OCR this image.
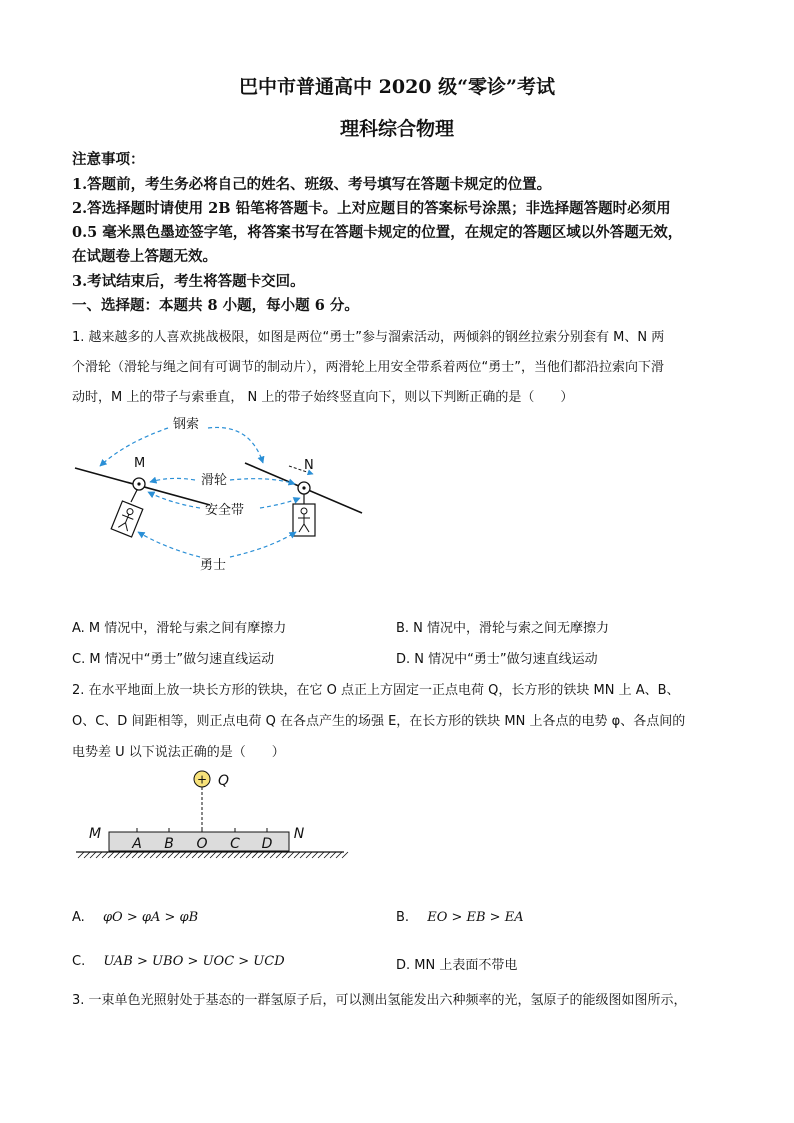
巴中市普通高中 2020 级“零诊”考试
理科综合物理
注意事项：
1.答题前，考生务必将自己的姓名、班级、考号填写在答题卡规定的位置。
2.答选择题时请使用 2B 铅笔将答题卡。上对应题目的答案标号涂黑；非选择题答题时必须用
0.5 毫米黑色墨迹签字笔，将答案书写在答题卡规定的位置，在规定的答题区域以外答题无效，
在试题卷上答题无效。
3.考试结束后，考生将答题卡交回。
一、选择题：本题共 8 小题，每小题 6 分。
1. 越来越多的人喜欢挑战极限，如图是两位“勇士”参与溜索活动，两倾斜的钢丝拉索分别套有 M、N 两
个滑轮（滑轮与绳之间有可调节的制动片），两滑轮上用安全带系着两位“勇士”，当他们都沿拉索向下滑
动时，M 上的带子与索垂直， N 上的带子始终竖直向下，则以下判断正确的是（　　）
钢索
滑轮
安全带
勇士
M	N
A. M 情况中，滑轮与索之间有摩擦力	B. N 情况中，滑轮与索之间无摩擦力
C. M 情况中“勇士”做匀速直线运动	D. N 情况中“勇士”做匀速直线运动
2. 在水平地面上放一块长方形的铁块，在它 O 点正上方固定一正点电荷 Q，长方形的铁块 MN 上 A、B、
O、C、D 间距相等，则正点电荷 Q 在各点产生的场强 E，在长方形的铁块 MN 上各点的电势 φ、各点间的
电势差 U 以下说法正确的是（　　）
+ Q
A B O C D
M	N
A. φO > φA > φB	B. EO > EB > EA
C. UAB > UBO > UOC > UCD	D. MN 上表面不带电
3. 一束单色光照射处于基态的一群氢原子后，可以测出氢能发出六种频率的光，氢原子的能级图如图所示，
